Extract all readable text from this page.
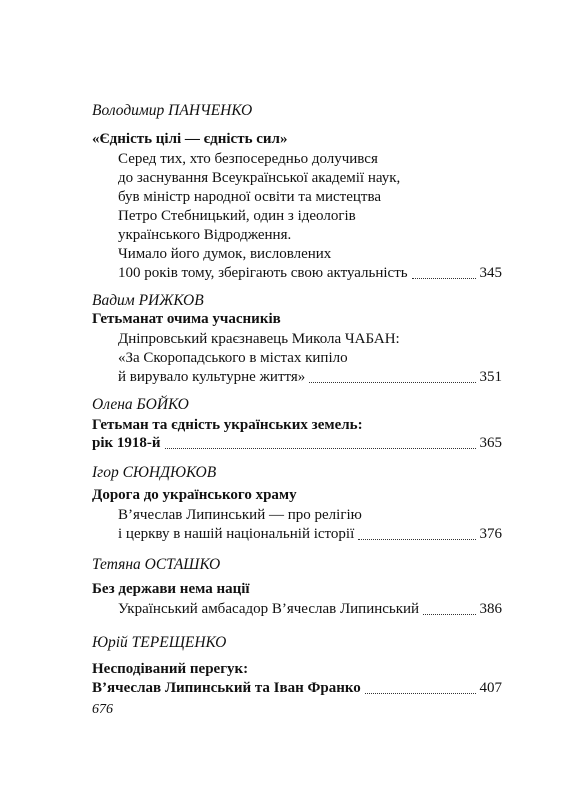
Володимир ПАНЧЕНКО
«Єдність цілі — єдність сил»
Серед тих, хто безпосередньо долучився
до заснування Всеукраїнської академії наук,
був міністр народної освіти та мистецтва
Петро Стебницький, один з ідеологів
українського Відродження.
Чимало його думок, висловлених
100 років тому, зберігають свою актуальність	345
Вадим РИЖКОВ
Гетьманат очима учасників
Дніпровський краєзнавець Микола ЧАБАН:
«За Скоропадського в містах кипіло
й вирувало культурне життя»	351
Олена БОЙКО
Гетьман та єдність українських земель:
рік 1918-й	365
Ігор СЮНДЮКОВ
Дорога до українського храму
В’ячеслав Липинський — про релігію
і церкву в нашій національній історії	376
Тетяна ОСТАШКО
Без держави нема нації
Український амбасадор В’ячеслав Липинський	386
Юрій ТЕРЕЩЕНКО
Несподіваний перегук:
В’ячеслав Липинський та Іван Франко	407
676
